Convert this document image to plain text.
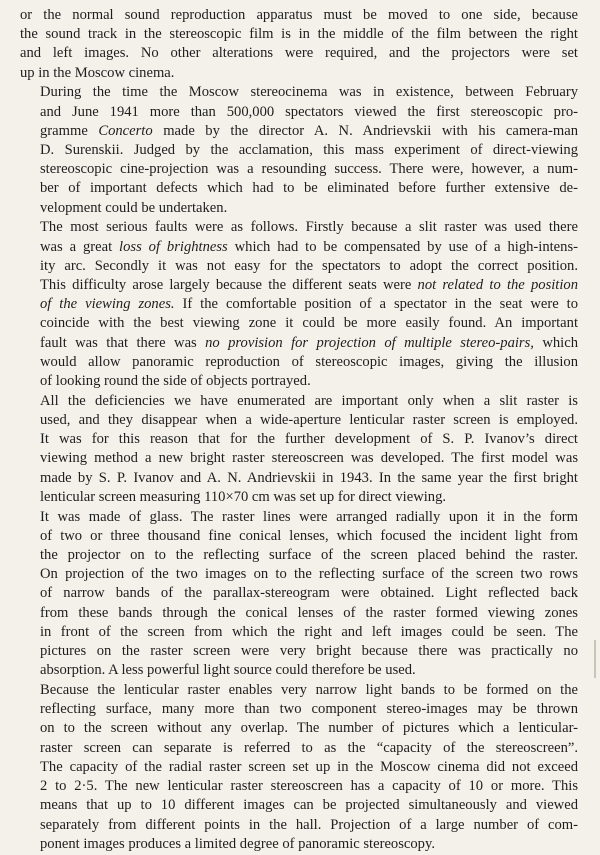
or the normal sound reproduction apparatus must be moved to one side, because
the sound track in the stereoscopic film is in the middle of the film between the right
and left images. No other alterations were required, and the projectors were set
up in the Moscow cinema.
During the time the Moscow stereocinema was in existence, between February
and June 1941 more than 500,000 spectators viewed the first stereoscopic pro-
gramme Concerto made by the director A. N. Andrievskii with his camera-man
D. Surenskii. Judged by the acclamation, this mass experiment of direct-viewing
stereoscopic cine-projection was a resounding success. There were, however, a num-
ber of important defects which had to be eliminated before further extensive de-
velopment could be undertaken.
The most serious faults were as follows. Firstly because a slit raster was used there
was a great loss of brightness which had to be compensated by use of a high-intens-
ity arc. Secondly it was not easy for the spectators to adopt the correct position.
This difficulty arose largely because the different seats were not related to the position
of the viewing zones. If the comfortable position of a spectator in the seat were to
coincide with the best viewing zone it could be more easily found. An important
fault was that there was no provision for projection of multiple stereo-pairs, which
would allow panoramic reproduction of stereoscopic images, giving the illusion
of looking round the side of objects portrayed.
All the deficiencies we have enumerated are important only when a slit raster is
used, and they disappear when a wide-aperture lenticular raster screen is employed.
It was for this reason that for the further development of S. P. Ivanov’s direct
viewing method a new bright raster stereoscreen was developed. The first model was
made by S. P. Ivanov and A. N. Andrievskii in 1943. In the same year the first bright
lenticular screen measuring 110×70 cm was set up for direct viewing.
It was made of glass. The raster lines were arranged radially upon it in the form
of two or three thousand fine conical lenses, which focused the incident light from
the projector on to the reflecting surface of the screen placed behind the raster.
On projection of the two images on to the reflecting surface of the screen two rows
of narrow bands of the parallax-stereogram were obtained. Light reflected back
from these bands through the conical lenses of the raster formed viewing zones
in front of the screen from which the right and left images could be seen. The
pictures on the raster screen were very bright because there was practically no
absorption. A less powerful light source could therefore be used.
Because the lenticular raster enables very narrow light bands to be formed on the
reflecting surface, many more than two component stereo-images may be thrown
on to the screen without any overlap. The number of pictures which a lenticular-
raster screen can separate is referred to as the “capacity of the stereoscreen”.
The capacity of the radial raster screen set up in the Moscow cinema did not exceed
2 to 2·5. The new lenticular raster stereoscreen has a capacity of 10 or more. This
means that up to 10 different images can be projected simultaneously and viewed
separately from different points in the hall. Projection of a large number of com-
ponent images produces a limited degree of panoramic stereoscopy.
